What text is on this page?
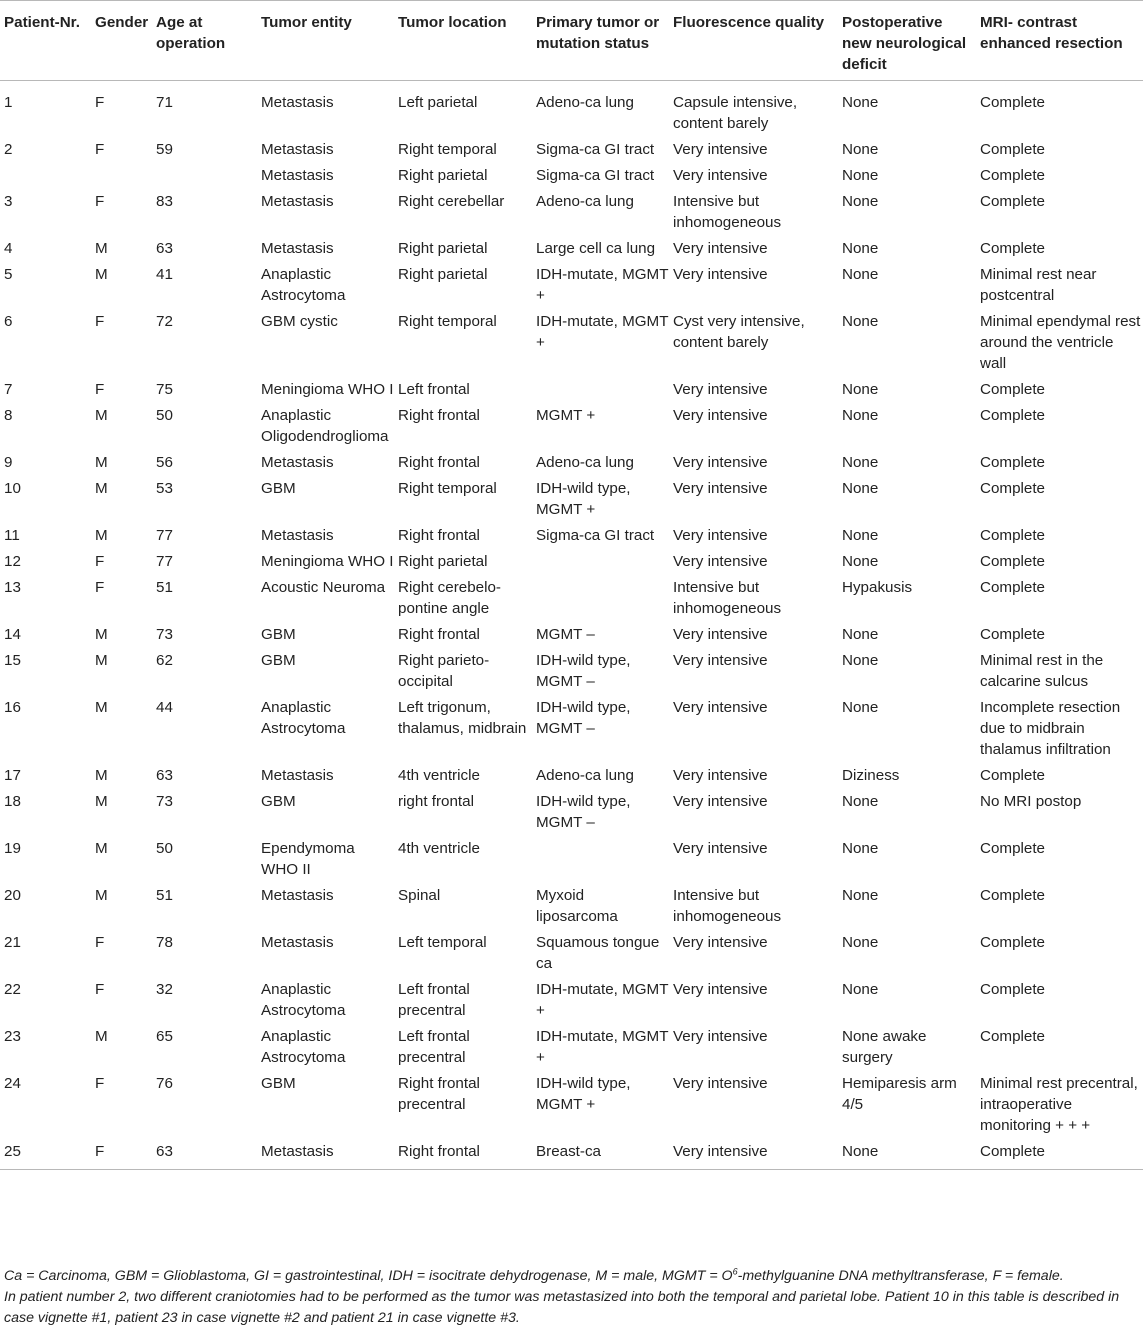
Patient-Nr.	Gender	Age at operation	Tumor entity	Tumor location	Primary tumor or mutation status	Fluorescence quality	Postoperative new neurological deficit	MRI- contrast enhanced resection
1	F	71	Metastasis	Left parietal	Adeno-ca lung	Capsule intensive, content barely	None	Complete
2	F	59	Metastasis	Right temporal	Sigma-ca GI tract	Very intensive	None	Complete
			Metastasis	Right parietal	Sigma-ca GI tract	Very intensive	None	Complete
3	F	83	Metastasis	Right cerebellar	Adeno-ca lung	Intensive but inhomogeneous	None	Complete
4	M	63	Metastasis	Right parietal	Large cell ca lung	Very intensive	None	Complete
5	M	41	Anaplastic Astrocytoma	Right parietal	IDH-mutate, MGMT +	Very intensive	None	Minimal rest near postcentral
6	F	72	GBM cystic	Right temporal	IDH-mutate, MGMT +	Cyst very intensive, content barely	None	Minimal ependymal rest around the ventricle wall
7	F	75	Meningioma WHO I	Left frontal		Very intensive	None	Complete
8	M	50	Anaplastic Oligodendroglioma	Right frontal	MGMT +	Very intensive	None	Complete
9	M	56	Metastasis	Right frontal	Adeno-ca lung	Very intensive	None	Complete
10	M	53	GBM	Right temporal	IDH-wild type, MGMT +	Very intensive	None	Complete
11	M	77	Metastasis	Right frontal	Sigma-ca GI tract	Very intensive	None	Complete
12	F	77	Meningioma WHO I	Right parietal		Very intensive	None	Complete
13	F	51	Acoustic Neuroma	Right cerebelo-pontine angle		Intensive but inhomogeneous	Hypakusis	Complete
14	M	73	GBM	Right frontal	MGMT –	Very intensive	None	Complete
15	M	62	GBM	Right parieto-occipital	IDH-wild type, MGMT –	Very intensive	None	Minimal rest in the calcarine sulcus
16	M	44	Anaplastic Astrocytoma	Left trigonum, thalamus, midbrain	IDH-wild type, MGMT –	Very intensive	None	Incomplete resection due to midbrain thalamus infiltration
17	M	63	Metastasis	4th ventricle	Adeno-ca lung	Very intensive	Diziness	Complete
18	M	73	GBM	right frontal	IDH-wild type, MGMT –	Very intensive	None	No MRI postop
19	M	50	Ependymoma WHO II	4th ventricle		Very intensive	None	Complete
20	M	51	Metastasis	Spinal	Myxoid liposarcoma	Intensive but inhomogeneous	None	Complete
21	F	78	Metastasis	Left temporal	Squamous tongue ca	Very intensive	None	Complete
22	F	32	Anaplastic Astrocytoma	Left frontal precentral	IDH-mutate, MGMT +	Very intensive	None	Complete
23	M	65	Anaplastic Astrocytoma	Left frontal precentral	IDH-mutate, MGMT +	Very intensive	None awake surgery	Complete
24	F	76	GBM	Right frontal precentral	IDH-wild type, MGMT +	Very intensive	Hemiparesis arm 4/5	Minimal rest precentral, intraoperative monitoring + + +
25	F	63	Metastasis	Right frontal	Breast-ca	Very intensive	None	Complete

Ca = Carcinoma, GBM = Glioblastoma, GI = gastrointestinal, IDH = isocitrate dehydrogenase, M = male, MGMT = $O^6$-methylguanine DNA methyltransferase, F = female.

In patient number 2, two different craniotomies had to be performed as the tumor was metastasized into both the temporal and parietal lobe. Patient 10 in this table is described in case vignette #1, patient 23 in case vignette #2 and patient 21 in case vignette #3.
